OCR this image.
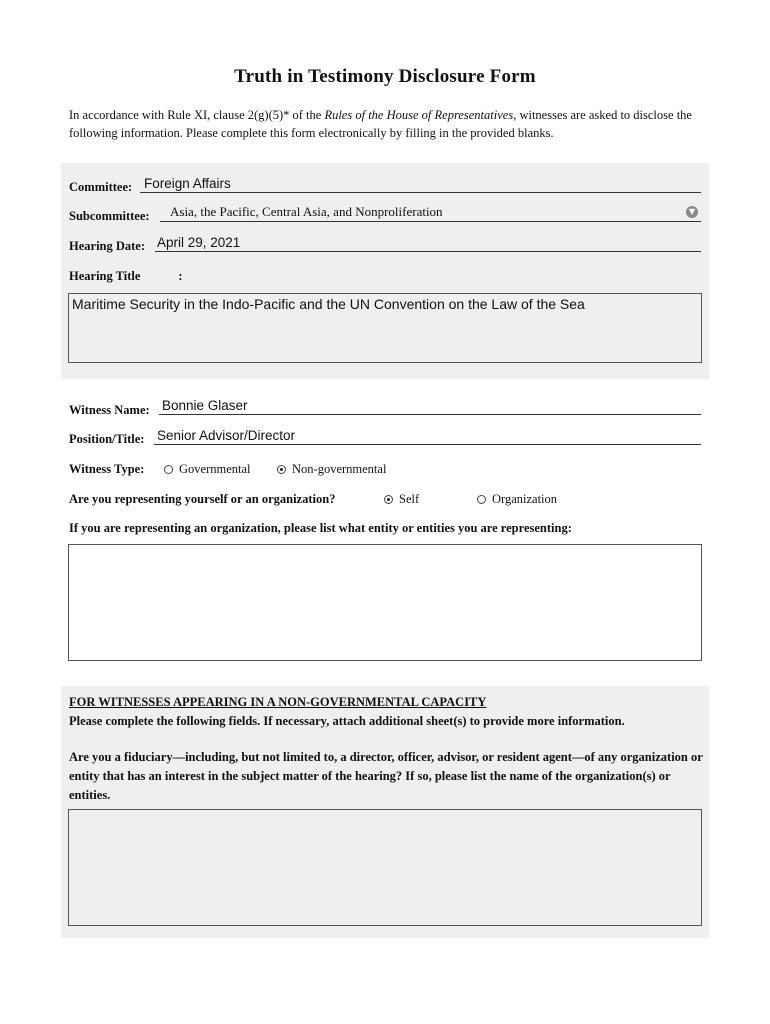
Truth in Testimony Disclosure Form
In accordance with Rule XI, clause 2(g)(5)* of the Rules of the House of Representatives, witnesses are asked to disclose the following information. Please complete this form electronically by filling in the provided blanks.
Committee: Foreign Affairs
Subcommittee: Asia, the Pacific, Central Asia, and Nonproliferation	▼
Hearing Date: April 29, 2021
Hearing Title	:
Maritime Security in the Indo-Pacific and the UN Convention on the Law of the Sea
Witness Name: Bonnie Glaser
Position/Title: Senior Advisor/Director
Witness Type:	Governmental	Non-governmental
Are you representing yourself or an organization?	Self	Organization
If you are representing an organization, please list what entity or entities you are representing:
FOR WITNESSES APPEARING IN A NON-GOVERNMENTAL CAPACITY
Please complete the following fields. If necessary, attach additional sheet(s) to provide more information.
Are you a fiduciary—including, but not limited to, a director, officer, advisor, or resident agent—of any organization or entity that has an interest in the subject matter of the hearing? If so, please list the name of the organization(s) or entities.
